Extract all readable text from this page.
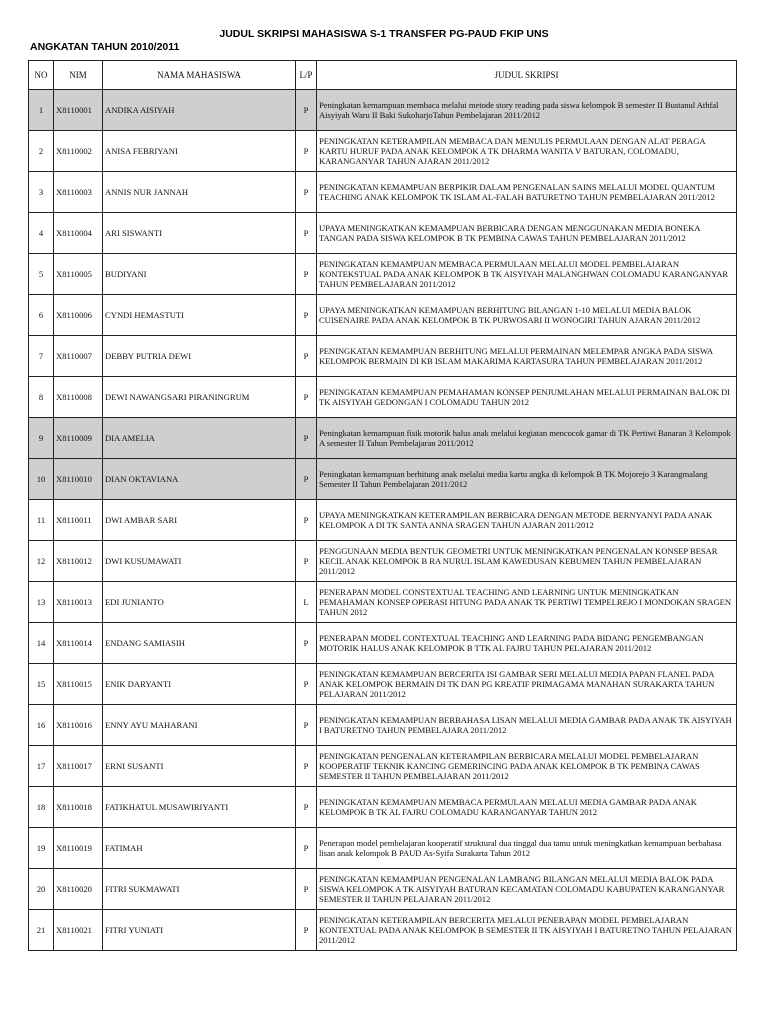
JUDUL SKRIPSI MAHASISWA S-1 TRANSFER PG-PAUD FKIP UNS
ANGKATAN TAHUN 2010/2011
NO	NIM	NAMA MAHASISWA	L/P	JUDUL SKRIPSI
1	X8110001	ANDIKA AISIYAH	P	Peningkatan kemampuan membaca melalui metode story reading pada siswa kelompok B semester II Bustanul Athfal Aisyiyah Waru II Baki SukoharjoTahun Pembelajaran 2011/2012
2	X8110002	ANISA FEBRIYANI	P	PENINGKATAN KETERAMPILAN MEMBACA DAN MENULIS PERMULAAN DENGAN ALAT PERAGA KARTU HURUF PADA ANAK KELOMPOK A TK DHARMA WANITA V BATURAN, COLOMADU, KARANGANYAR TAHUN AJARAN 2011/2012
3	X8110003	ANNIS NUR JANNAH	P	PENINGKATAN KEMAMPUAN BERPIKIR DALAM PENGENALAN SAINS MELALUI MODEL QUANTUM TEACHING ANAK KELOMPOK TK ISLAM AL-FALAH BATURETNO TAHUN PEMBELAJARAN 2011/2012
4	X8110004	ARI SISWANTI	P	UPAYA MENINGKATKAN KEMAMPUAN BERBICARA DENGAN MENGGUNAKAN MEDIA BONEKA TANGAN PADA SISWA KELOMPOK B TK PEMBINA CAWAS TAHUN PEMBELAJARAN 2011/2012
5	X8110005	BUDIYANI	P	PENINGKATAN KEMAMPUAN MEMBACA PERMULAAN MELALUI MODEL PEMBELAJARAN KONTEKSTUAL PADA ANAK KELOMPOK B TK AISYIYAH MALANGHWAN COLOMADU KARANGANYAR TAHUN PEMBELAJARAN 2011/2012
6	X8110006	CYNDI HEMASTUTI	P	UPAYA MENINGKATKAN KEMAMPUAN BERHITUNG BILANGAN 1-10 MELALUI MEDIA BALOK CUISENAIRE PADA ANAK KELOMPOK B TK PURWOSARI II WONOGIRI TAHUN AJARAN 2011/2012
7	X8110007	DEBBY PUTRIA DEWI	P	PENINGKATAN KEMAMPUAN BERHITUNG MELALUI PERMAINAN MELEMPAR ANGKA PADA SISWA KELOMPOK BERMAIN DI KB ISLAM MAKARIMA KARTASURA TAHUN PEMBELAJARAN 2011/2012
8	X8110008	DEWI NAWANGSARI PIRANINGRUM	P	PENINGKATAN KEMAMPUAN PEMAHAMAN KONSEP PENJUMLAHAN MELALUI PERMAINAN BALOK DI TK AISYIYAH GEDONGAN I COLOMADU TAHUN 2012
9	X8110009	DIA AMELIA	P	Peningkatan kemampuan fisik motorik halus anak melalui kegiatan mencocok gamar di TK Pertiwi Banaran 3 Kelompok A semester II Tahun Pembelajaran 2011/2012
10	X8110010	DIAN OKTAVIANA	P	Peningkatan kemampuan berhitung anak melalui media kartu angka di kelompok B TK Mojorejo 3 Karangmalang Semester II Tahun Pembelajaran 2011/2012
11	X8110011	DWI AMBAR SARI	P	UPAYA MENINGKATKAN KETERAMPILAN BERBICARA DENGAN METODE BERNYANYI PADA ANAK KELOMPOK A DI TK SANTA ANNA SRAGEN TAHUN AJARAN 2011/2012
12	X8110012	DWI KUSUMAWATI	P	PENGGUNAAN MEDIA BENTUK GEOMETRI UNTUK MENINGKATKAN PENGENALAN KONSEP BESAR KECIL ANAK KELOMPOK B RA NURUL ISLAM KAWEDUSAN KEBUMEN TAHUN PEMBELAJARAN 2011/2012
13	X8110013	EDI JUNIANTO	L	PENERAPAN MODEL CONSTEXTUAL TEACHING AND LEARNING UNTUK MENINGKATKAN PEMAHAMAN KONSEP OPERASI HITUNG PADA ANAK TK PERTIWI TEMPELREJO I MONDOKAN SRAGEN TAHUN 2012
14	X8110014	ENDANG SAMIASIH	P	PENERAPAN MODEL CONTEXTUAL TEACHING AND LEARNING PADA BIDANG PENGEMBANGAN MOTORIK HALUS ANAK KELOMPOK B TTK AL FAJRU TAHUN PELAJARAN 2011/2012
15	X8110015	ENIK DARYANTI	P	PENINGKATAN KEMAMPUAN BERCERITA ISI GAMBAR SERI MELALUI MEDIA PAPAN FLANEL PADA ANAK KELOMPOK BERMAIN DI TK DAN PG KREATIF PRIMAGAMA MANAHAN SURAKARTA TAHUN PELAJARAN 2011/2012
16	X8110016	ENNY AYU MAHARANI	P	PENINGKATAN KEMAMPUAN BERBAHASA LISAN MELALUI MEDIA GAMBAR PADA ANAK TK AISYIYAH I BATURETNO TAHUN PEMBELAJARA 2011/2012
17	X8110017	ERNI SUSANTI	P	PENINGKATAN PENGENALAN KETERAMPILAN BERBICARA MELALUI MODEL PEMBELAJARAN KOOPERATIF TEKNIK KANCING GEMERINCING PADA ANAK KELOMPOK B TK PEMBINA CAWAS SEMESTER II TAHUN PEMBELAJARAN 2011/2012
18	X8110018	FATIKHATUL MUSAWIRIYANTI	P	PENINGKATAN KEMAMPUAN MEMBACA PERMULAAN MELALUI MEDIA GAMBAR PADA ANAK KELOMPOK B TK AL FAJRU COLOMADU KARANGANYAR TAHUN 2012
19	X8110019	FATIMAH	P	Penerapan model pembelajaran kooperatif struktural dua tinggal dua tamu untuk meningkatkan kemampuan berbahasa lisan anak kelompok B PAUD As-Syifa Surakarta Tahun 2012
20	X8110020	FITRI SUKMAWATI	P	PENINGKATAN KEMAMPUAN PENGENALAN LAMBANG BILANGAN MELALUI MEDIA BALOK PADA SISWA KELOMPOK A TK AISYIYAH BATURAN KECAMATAN COLOMADU KABUPATEN KARANGANYAR SEMESTER II TAHUN PELAJARAN 2011/2012
21	X8110021	FITRI YUNIATI	P	PENINGKATAN KETERAMPILAN BERCERITA MELALUI PENERAPAN MODEL PEMBELAJARAN KONTEXTUAL PADA ANAK KELOMPOK B SEMESTER II TK AISYIYAH I BATURETNO TAHUN PELAJARAN 2011/2012
